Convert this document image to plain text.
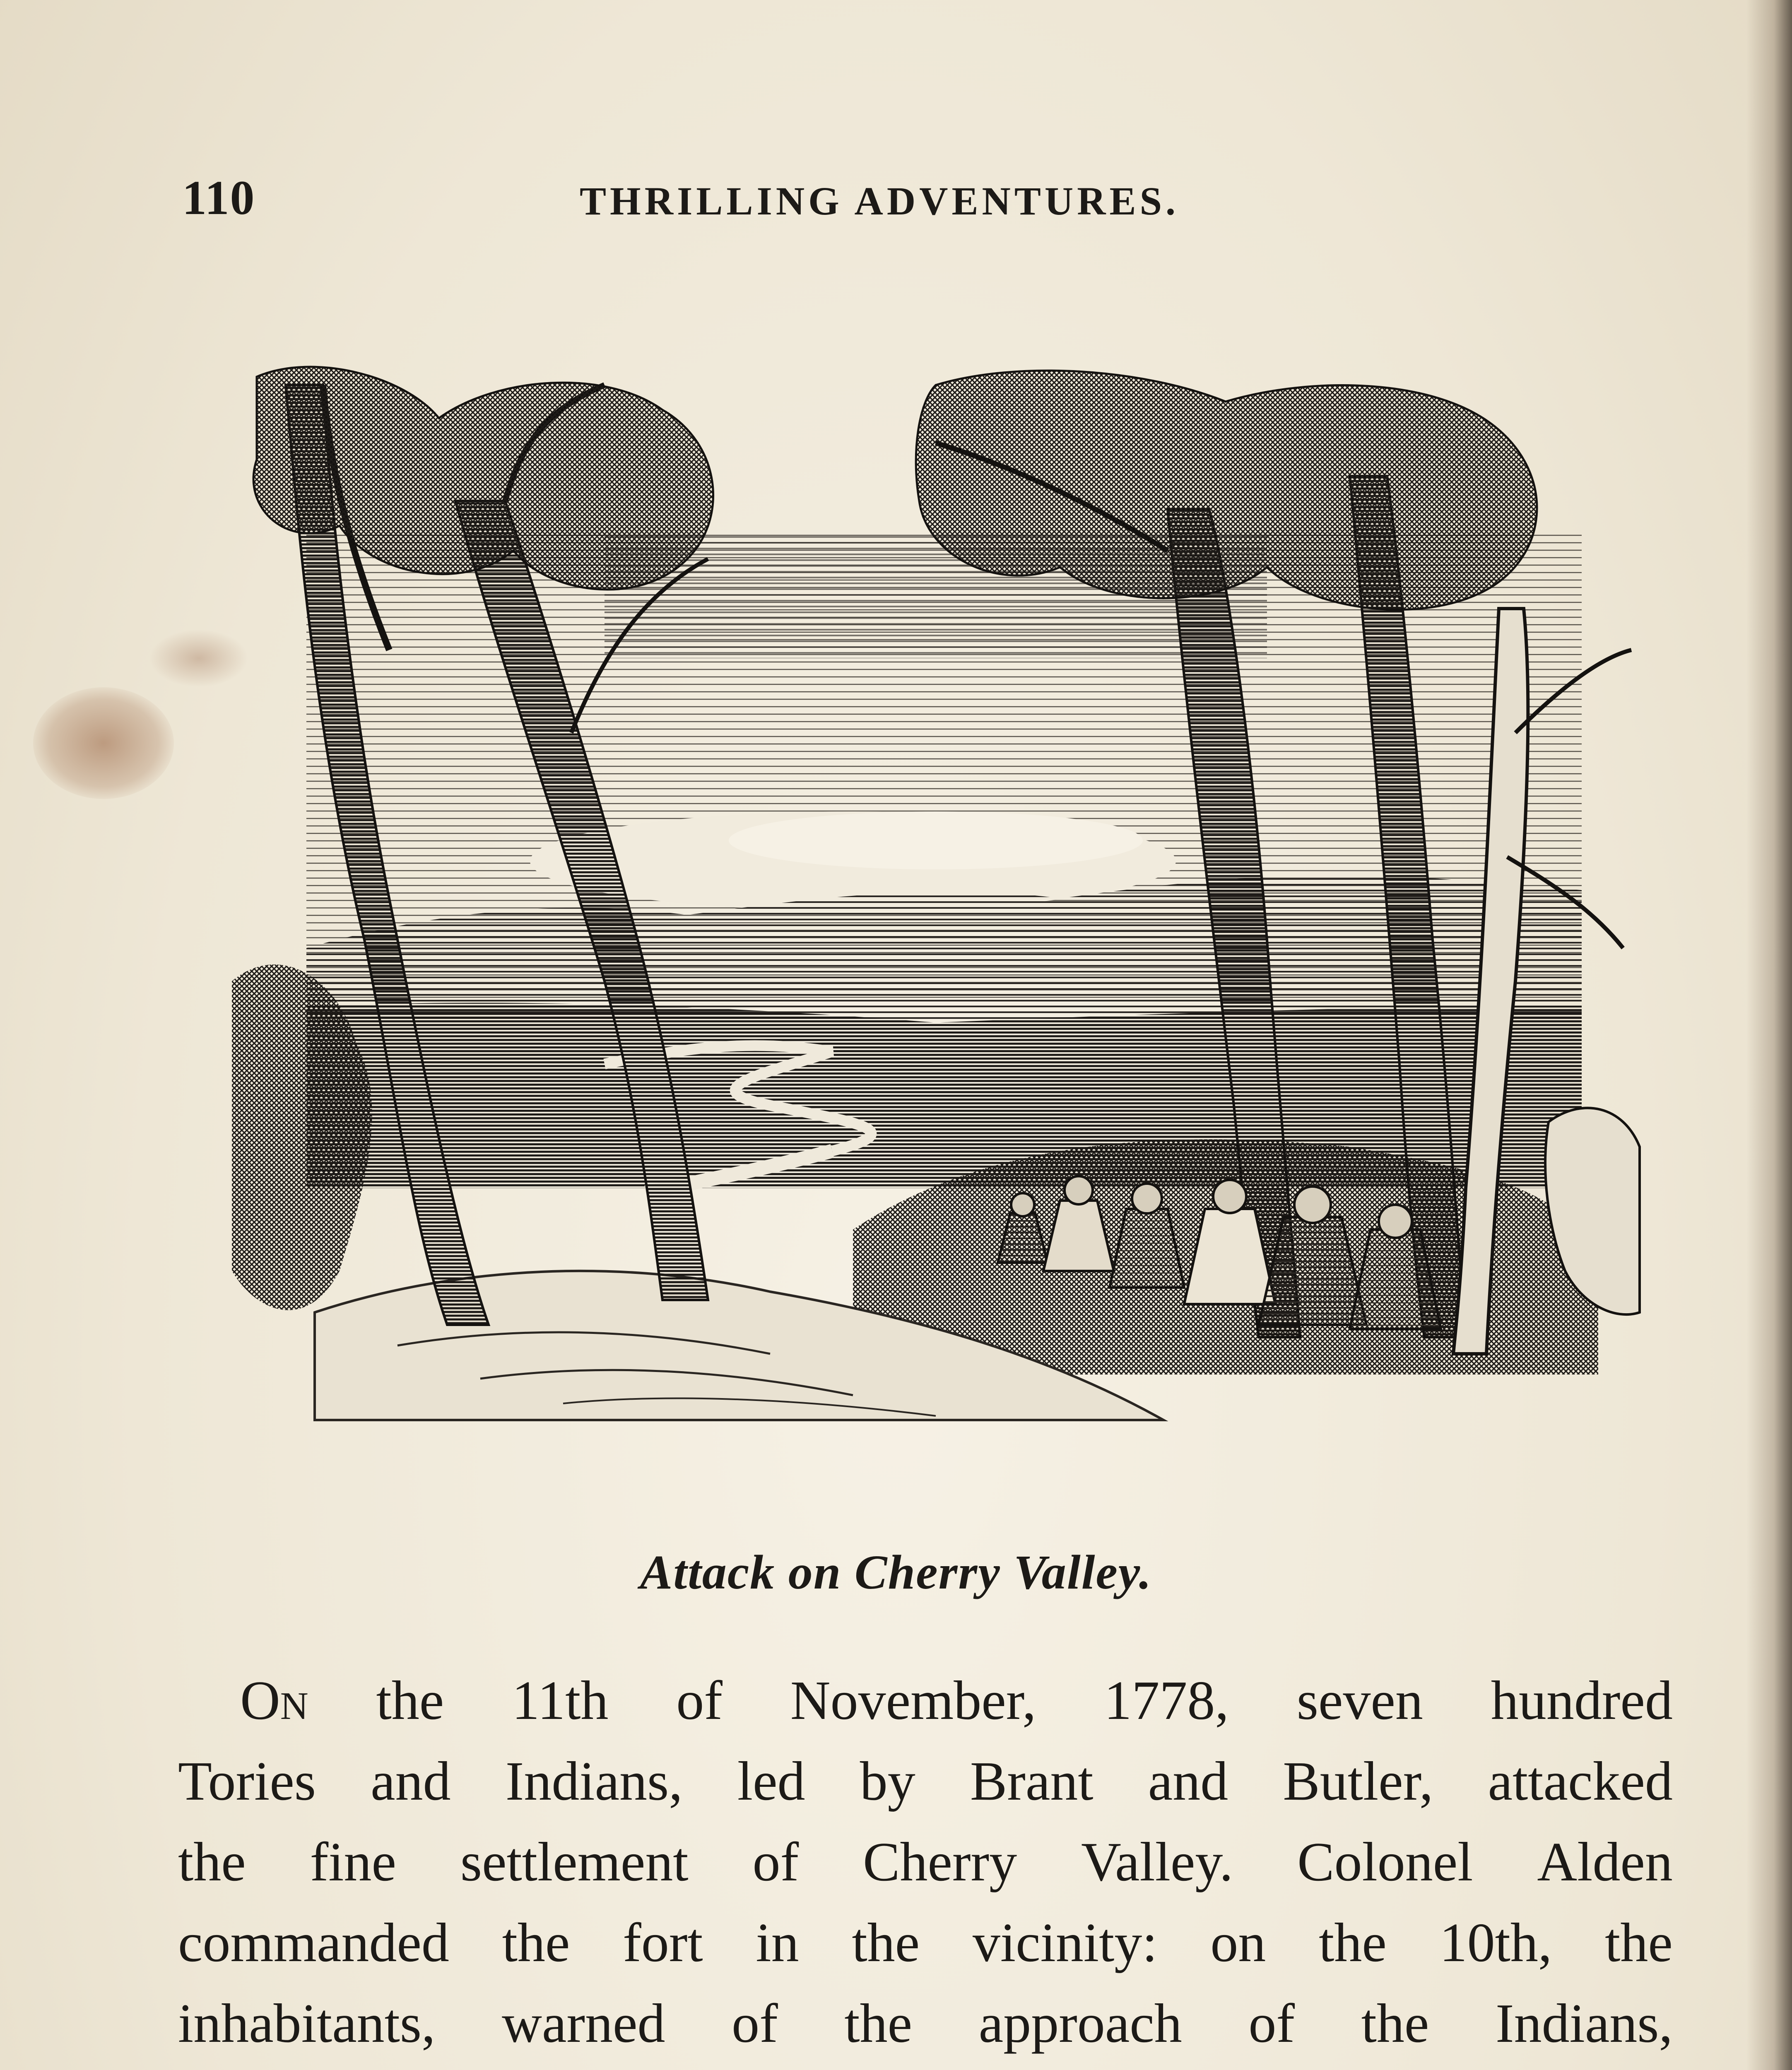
110	THRILLING ADVENTURES.
Attack on Cherry Valley.
On the 11th of November, 1778, seven hundred
Tories and Indians, led by Brant and Butler, attacked
the fine settlement of Cherry Valley. Colonel Alden
commanded the fort in the vicinity: on the 10th, the
inhabitants, warned of the approach of the Indians,
